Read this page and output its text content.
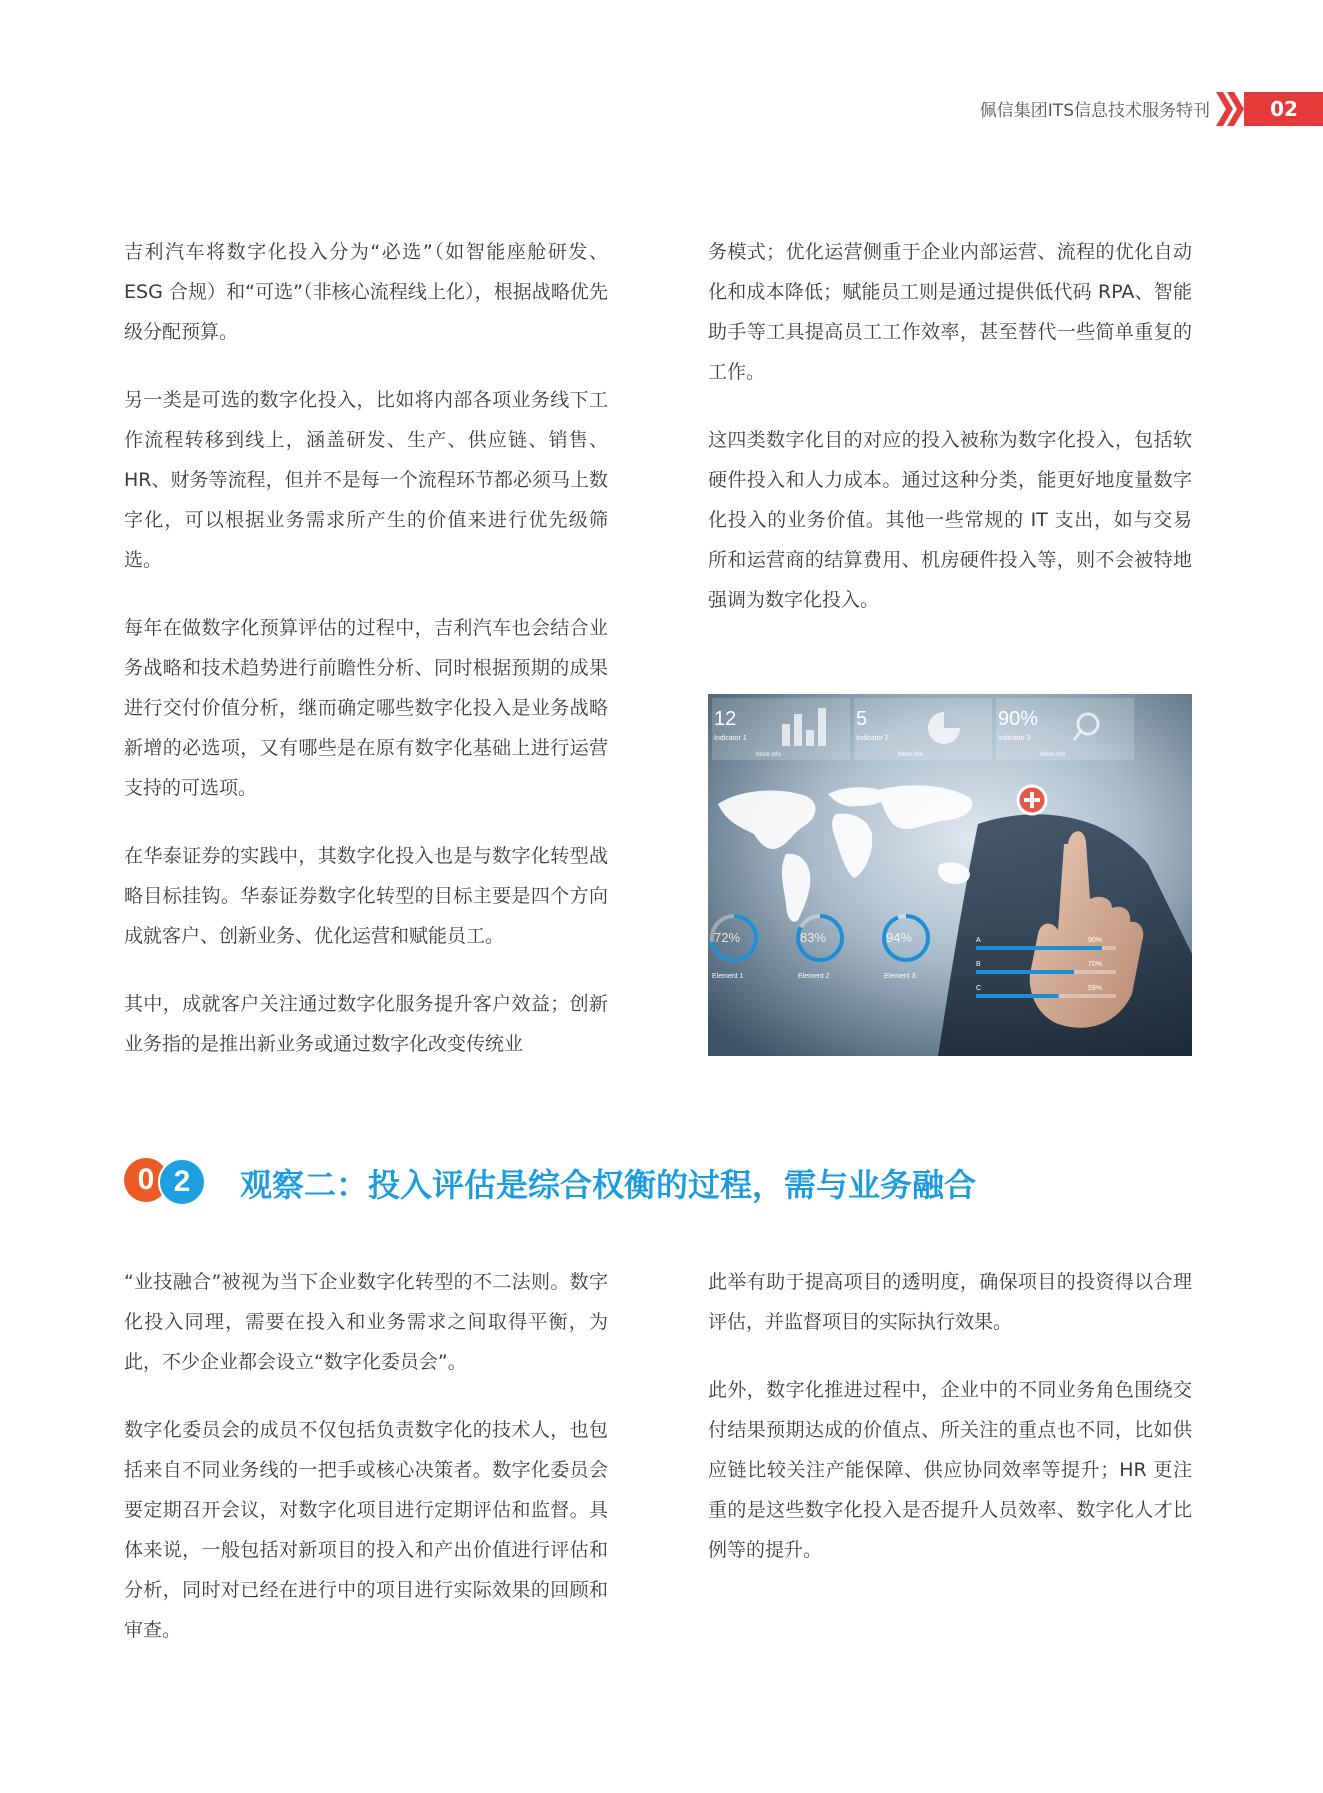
佩信集团ITS信息技术服务特刊	02

吉利汽车将数字化投入分为“必选”（如智能座舱研发、ESG 合规）和“可选”（非核心流程线上化），根据战略优先级分配预算。

另一类是可选的数字化投入，比如将内部各项业务线下工作流程转移到线上，涵盖研发、生产、供应链、销售、HR、财务等流程，但并不是每一个流程环节都必须马上数字化，可以根据业务需求所产生的价值来进行优先级筛选。

每年在做数字化预算评估的过程中，吉利汽车也会结合业务战略和技术趋势进行前瞻性分析、同时根据预期的成果进行交付价值分析，继而确定哪些数字化投入是业务战略新增的必选项，又有哪些是在原有数字化基础上进行运营支持的可选项。

在华泰证券的实践中，其数字化投入也是与数字化转型战略目标挂钩。华泰证券数字化转型的目标主要是四个方向 成就客户、创新业务、优化运营和赋能员工。

其中，成就客户关注通过数字化服务提升客户效益；创新业务指的是推出新业务或通过数字化改变传统业

务模式；优化运营侧重于企业内部运营、流程的优化自动化和成本降低；赋能员工则是通过提供低代码 RPA、智能助手等工具提高员工工作效率，甚至替代一些简单重复的工作。

这四类数字化目的对应的投入被称为数字化投入，包括软硬件投入和人力成本。通过这种分类，能更好地度量数字化投入的业务价值。其他一些常规的 IT 支出，如与交易所和运营商的结算费用、机房硬件投入等，则不会被特地强调为数字化投入。

12
Indicator 1
More info
5
Indicator 2
More info
90%
Indicator 3
More info
Element 1	Element 2	Element 3
72%	83%	94%	A
B
C
90%
70%
59%
0 2	观察二：投入评估是综合权衡的过程，需与业务融合

“业技融合”被视为当下企业数字化转型的不二法则。数字化投入同理，需要在投入和业务需求之间取得平衡，为此，不少企业都会设立“数字化委员会”。

数字化委员会的成员不仅包括负责数字化的技术人，也包括来自不同业务线的一把手或核心决策者。数字化委员会要定期召开会议，对数字化项目进行定期评估和监督。具体来说，一般包括对新项目的投入和产出价值进行评估和分析，同时对已经在进行中的项目进行实际效果的回顾和审查。

此举有助于提高项目的透明度，确保项目的投资得以合理评估，并监督项目的实际执行效果。

此外，数字化推进过程中，企业中的不同业务角色围绕交付结果预期达成的价值点、所关注的重点也不同，比如供应链比较关注产能保障、供应协同效率等提升；HR 更注重的是这些数字化投入是否提升人员效率、数字化人才比例等的提升。
